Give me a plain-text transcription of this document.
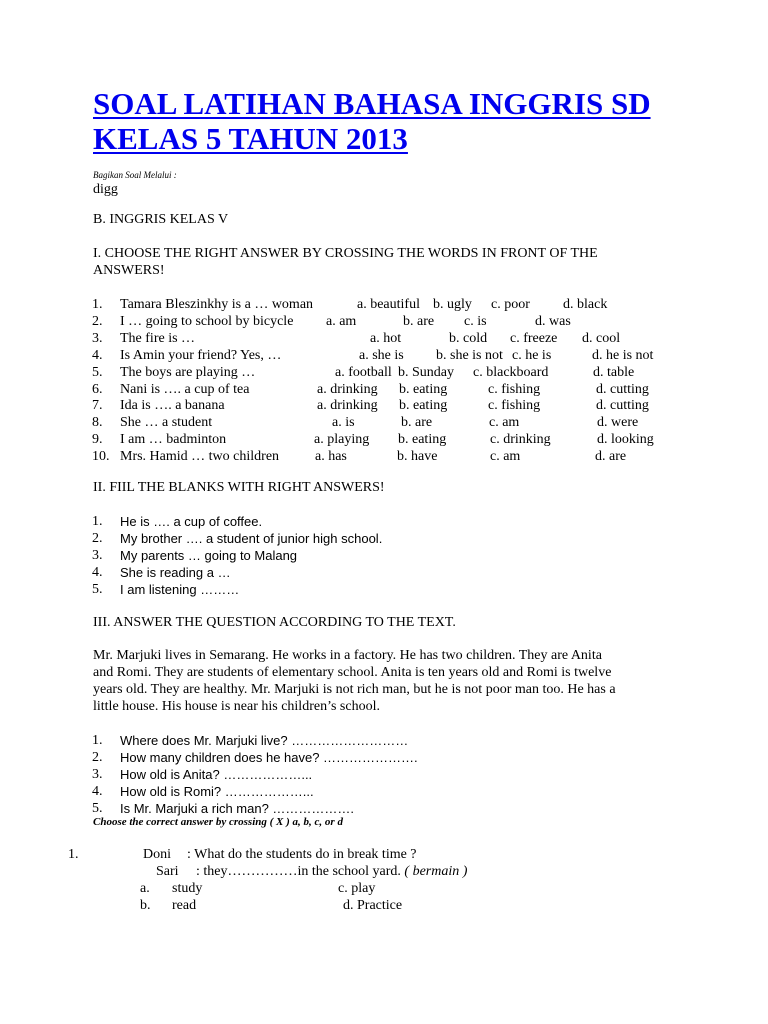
SOAL LATIHAN BAHASA INGGRIS SD
KELAS 5 TAHUN 2013
Bagikan Soal Melalui :
digg
B. INGGRIS KELAS V
I. CHOOSE THE RIGHT ANSWER BY CROSSING THE WORDS IN FRONT OF THE
ANSWERS!
1. Tamara Bleszinkhy is a … woman	a. beautiful b. ugly c. poor d. black
2. I … going to school by bicycle a. am	b. are c. is	d. was
3. The fire is …	a. hot	b. cold c. freeze d. cool
4. Is Amin your friend? Yes, …	a. she is b. she is not c. he is	d. he is not
5. The boys are playing …	a. football b. Sunday c. blackboard	d. table
6. Nani is …. a cup of tea	a. drinking b. eating	c. fishing	d. cutting
7. Ida is …. a banana	a. drinking b. eating	c. fishing	d. cutting
8. She … a student	a. is	b. are	c. am	d. were
9. I am … badminton	a. playing b. eating	c. drinking	d. looking
10. Mrs. Hamid … two children	a. has	b. have	c. am	d. are
II. FIIL THE BLANKS WITH RIGHT ANSWERS!
1. He is …. a cup of coffee.
2. My brother …. a student of junior high school.
3. My parents … going to Malang
4. She is reading a …
5. I am listening ………
III. ANSWER THE QUESTION ACCORDING TO THE TEXT.
Mr. Marjuki lives in Semarang. He works in a factory. He has two children. They are Anita
and Romi. They are students of elementary school. Anita is ten years old and Romi is twelve
years old. They are healthy. Mr. Marjuki is not rich man, but he is not poor man too. He has a
little house. His house is near his children’s school.
1. Where does Mr. Marjuki live? ………………………
2. How many children does he have? ………………….
3. How old is Anita? ………………...
4. How old is Romi? ………………...
5. Is Mr. Marjuki a rich man? ……………….
Choose the correct answer by crossing ( X ) a, b, c, or d
1.	Doni : What do the students do in break time ?
Sari : they……………in the school yard. ( bermain )
a. study	c. play
b. read	d. Practice
